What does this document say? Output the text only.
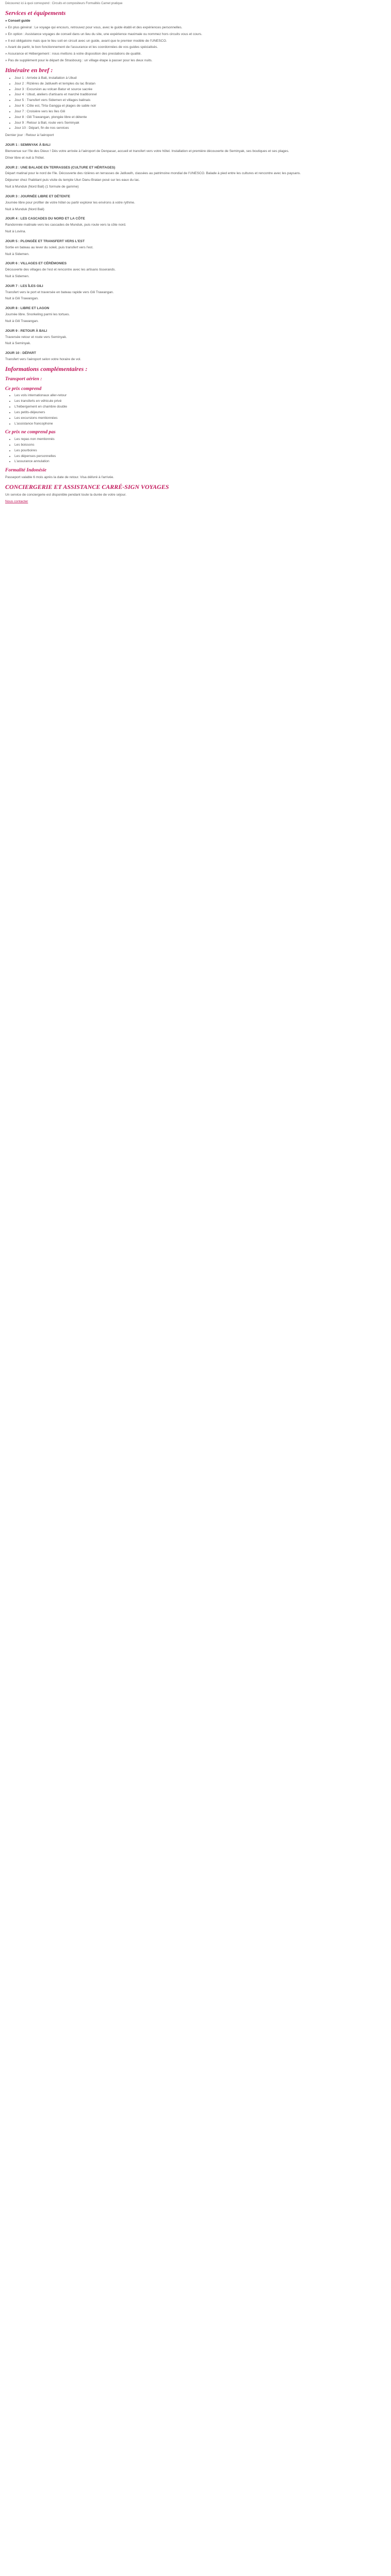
Découvrez ici à quoi correspond : Circuits et compositeurs Formalités Carnet pratique

Services et équipements

» Conseil guide

» En plus général : Le voyage qui encours, retrouvez pour vous, avec le guide établi et des expériences personnelles.

» En option : Assistance voyages de conseil dans un lieu du site, une expérience maximale ou nommez hors circuits vous et cours.

» Il est obligatoire mais que le lieu soit en circuit avec un guide, avant que le premier modèle de l'UNESCO.

» Avant de partir, le bon fonctionnement de l'assurance et les coordonnées de vos guides spécialisés.

» Assurance et Hébergement : nous mettons à votre disposition des prestations de qualité.

» Pas de supplément pour le départ de Strasbourg : un village étape à passer pour les deux nuits.

Itinéraire en bref :
• Jour 1 : Arrivée à Bali, installation à Ubud
• Jour 2 : Rizières de Jatiluwih et temples du lac Bratan
• Jour 3 : Excursion au volcan Batur et source sacrée
• Jour 4 : Ubud, ateliers d'artisans et marché traditionnel
• Jour 5 : Transfert vers Sidemen et villages balinais
• Jour 6 : Côte est, Tirta Gangga et plages de sable noir
• Jour 7 : Croisière vers les îles Gili
• Jour 8 : Gili Trawangan, plongée libre et détente
• Jour 9 : Retour à Bali, route vers Seminyak
• Jour 10 : Départ, fin de nos services

Dernier jour : Retour à l'aéroport

JOUR 1 : SEMINYAK À BALI

Bienvenue sur l'île des Dieux ! Dès votre arrivée à l'aéroport de Denpasar, accueil et transfert vers votre hôtel. Installation et première découverte de Seminyak, ses boutiques et ses plages.

Dîner libre et nuit à l'hôtel.

JOUR 2 : UNE BALADE EN TERRASSES (CULTURE ET HÉRITAGES)

Départ matinal pour le nord de l'île. Découverte des rizières en terrasses de Jatiluwih, classées au patrimoine mondial de l'UNESCO. Balade à pied entre les cultures et rencontre avec les paysans.

Déjeuner chez l'habitant puis visite du temple Ulun Danu Bratan posé sur les eaux du lac.

Nuit à Munduk (Nord Bali) (1 formule de gamme)

JOUR 3 : JOURNÉE LIBRE ET DÉTENTE

Journée libre pour profiter de votre hôtel ou partir explorer les environs à votre rythme.

Nuit à Munduk (Nord Bali)

JOUR 4 : LES CASCADES DU NORD ET LA CÔTE

Randonnée matinale vers les cascades de Munduk, puis route vers la côte nord.

Nuit à Lovina.

JOUR 5 : PLONGÉE ET TRANSFERT VERS L'EST

Sortie en bateau au lever du soleil, puis transfert vers l'est.

Nuit à Sidemen.

JOUR 6 : VILLAGES ET CÉRÉMONIES

Découverte des villages de l'est et rencontre avec les artisans tisserands.

Nuit à Sidemen.

JOUR 7 : LES ÎLES GILI

Transfert vers le port et traversée en bateau rapide vers Gili Trawangan.

Nuit à Gili Trawangan.

JOUR 8 : LIBRE ET LAGON

Journée libre. Snorkeling parmi les tortues.

Nuit à Gili Trawangan.

JOUR 9 : RETOUR À BALI

Traversée retour et route vers Seminyak.

Nuit à Seminyak.

JOUR 10 : DÉPART

Transfert vers l'aéroport selon votre horaire de vol.

Informations complémentaires :
Transport aérien :
Ce prix comprend
• Les vols internationaux aller-retour
• Les transferts en véhicule privé
• L'hébergement en chambre double
• Les petits-déjeuners
• Les excursions mentionnées
• L'assistance francophone
Ce prix ne comprend pas
• Les repas non mentionnés
• Les boissons
• Les pourboires
• Les dépenses personnelles
• L'assurance annulation
Formalité Indonésie

Passeport valable 6 mois après la date de retour. Visa délivré à l'arrivée.

CONCIERGERIE ET ASSISTANCE CARRÉ-SIGN VOYAGES

Un service de conciergerie est disponible pendant toute la durée de votre séjour.

Nous contacter
